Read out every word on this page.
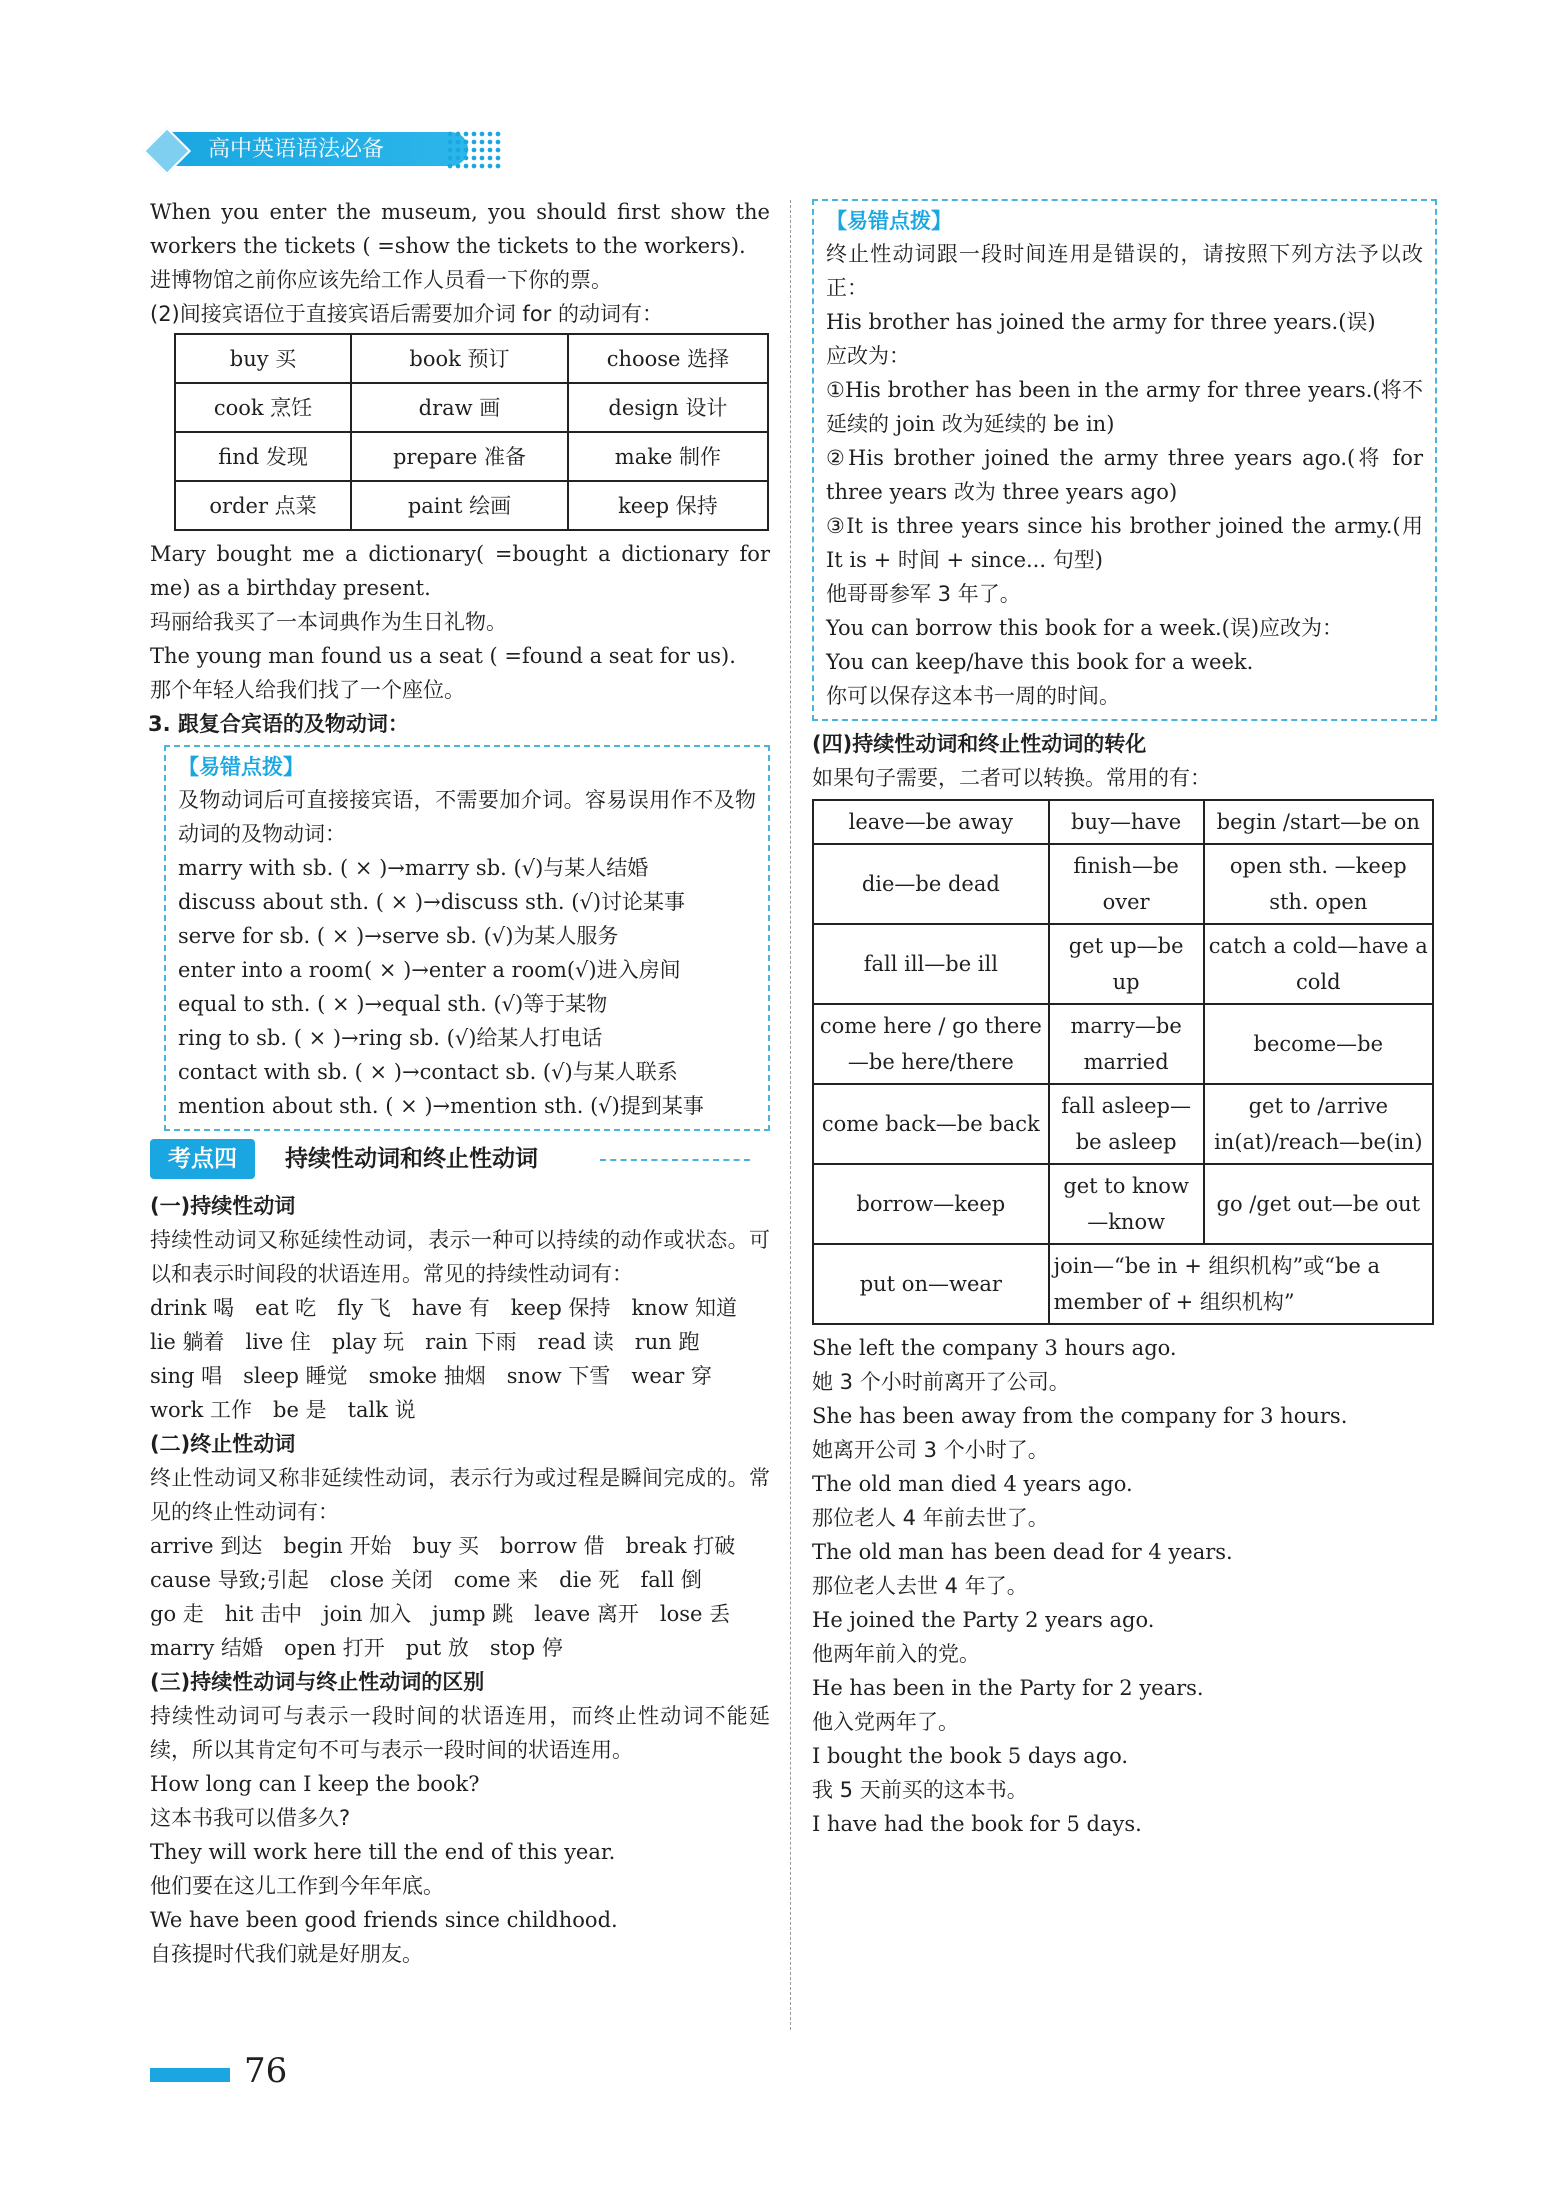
高中英语语法必备

When you enter the museum, you should first show the workers the tickets ( =show the tickets to the workers).

进博物馆之前你应该先给工作人员看一下你的票。

(2)间接宾语位于直接宾语后需要加介词 for 的动词有：

buy 买	book 预订	choose 选择
cook 烹饪	draw 画	design 设计
find 发现	prepare 准备	make 制作
order 点菜	paint 绘画	keep 保持

Mary bought me a dictionary( =bought a dictionary for me) as a birthday present.

玛丽给我买了一本词典作为生日礼物。

The young man found us a seat ( =found a seat for us).

那个年轻人给我们找了一个座位。

3. 跟复合宾语的及物动词：

【易错点拨】

及物动词后可直接接宾语，不需要加介词。容易误用作不及物动词的及物动词：

marry with sb. ( × )→marry sb. (√)与某人结婚

discuss about sth. ( × )→discuss sth. (√)讨论某事

serve for sb. ( × )→serve sb. (√)为某人服务

enter into a room( × )→enter a room(√)进入房间

equal to sth. ( × )→equal sth. (√)等于某物

ring to sb. ( × )→ring sb. (√)给某人打电话

contact with sb. ( × )→contact sb. (√)与某人联系

mention about sth. ( × )→mention sth. (√)提到某事

考点四	持续性动词和终止性动词

(一)持续性动词

持续性动词又称延续性动词，表示一种可以持续的动作或状态。可以和表示时间段的状语连用。常见的持续性动词有：

drink 喝　eat 吃　fly 飞　have 有　keep 保持　know 知道

lie 躺着　live 住　play 玩　rain 下雨　read 读　run 跑

sing 唱　sleep 睡觉　smoke 抽烟　snow 下雪　wear 穿

work 工作　be 是　talk 说

(二)终止性动词

终止性动词又称非延续性动词，表示行为或过程是瞬间完成的。常见的终止性动词有：

arrive 到达　begin 开始　buy 买　borrow 借　break 打破

cause 导致;引起　close 关闭　come 来　die 死　fall 倒

go 走　hit 击中　join 加入　jump 跳　leave 离开　lose 丢

marry 结婚　open 打开　put 放　stop 停

(三)持续性动词与终止性动词的区别

持续性动词可与表示一段时间的状语连用，而终止性动词不能延续，所以其肯定句不可与表示一段时间的状语连用。

How long can I keep the book?

这本书我可以借多久?

They will work here till the end of this year.

他们要在这儿工作到今年年底。

We have been good friends since childhood.

自孩提时代我们就是好朋友。

【易错点拨】

终止性动词跟一段时间连用是错误的，请按照下列方法予以改正：

His brother has joined the army for three years.(误)

应改为：

①His brother has been in the army for three years.(将不延续的 join 改为延续的 be in)

②His brother joined the army three years ago.(将 for three years 改为 three years ago)

③It is three years since his brother joined the army.(用 It is + 时间 + since... 句型)

他哥哥参军 3 年了。

You can borrow this book for a week.(误)应改为：

You can keep/have this book for a week.

你可以保存这本书一周的时间。

(四)持续性动词和终止性动词的转化

如果句子需要，二者可以转换。常用的有：

leave—be away	buy—have	begin /start—be on
die—be dead	finish—be over	open sth. —keep sth. open
fall ill—be ill	get up—be up	catch a cold—have a cold
come here / go there—be here/there	marry—be married	become—be
come back—be back	fall asleep—be asleep	get to /arrive in(at)/reach—be(in)
borrow—keep	get to know—know	go /get out—be out
put on—wear	join—“be in + 组织机构”或“be a member of + 组织机构”	

She left the company 3 hours ago.

她 3 个小时前离开了公司。

She has been away from the company for 3 hours.

她离开公司 3 个小时了。

The old man died 4 years ago.

那位老人 4 年前去世了。

The old man has been dead for 4 years.

那位老人去世 4 年了。

He joined the Party 2 years ago.

他两年前入的党。

He has been in the Party for 2 years.

他入党两年了。

I bought the book 5 days ago.

我 5 天前买的这本书。

I have had the book for 5 days.

76
